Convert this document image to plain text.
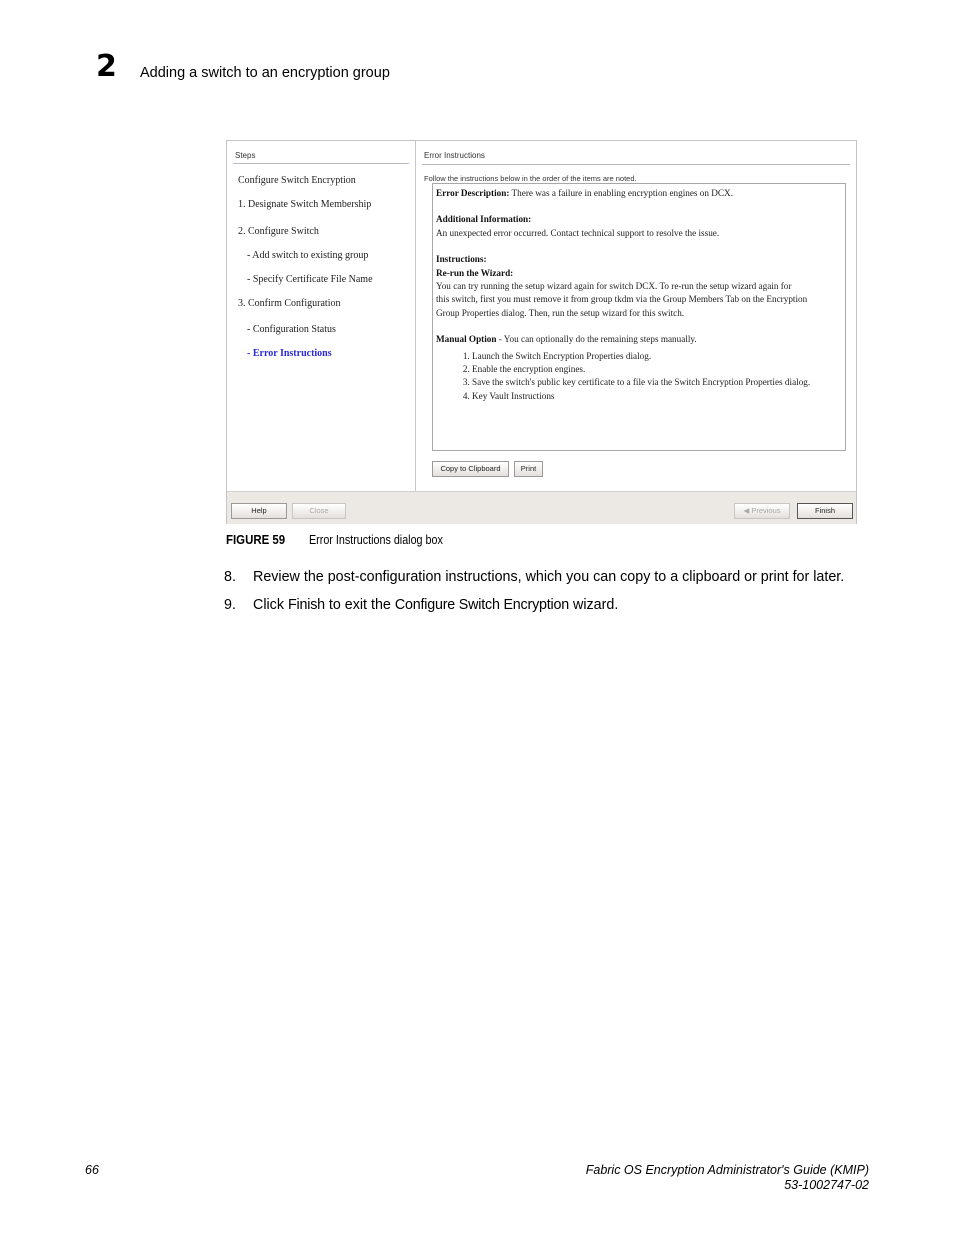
2 Adding a switch to an encryption group
Steps
Configure Switch Encryption
1. Designate Switch Membership
2. Configure Switch
- Add switch to existing group
- Specify Certificate File Name
3. Confirm Configuration
- Configuration Status
- Error Instructions
Error Instructions
Follow the instructions below in the order of the items are noted.

Error Description: There was a failure in enabling encryption engines on DCX.

Additional Information:

An unexpected error occurred. Contact technical support to resolve the issue.

Instructions:

Re-run the Wizard:

You can try running the setup wizard again for switch DCX. To re-run the setup wizard again for

this switch, first you must remove it from group tkdm via the Group Members Tab on the Encryption

Group Properties dialog. Then, run the setup wizard for this switch.

Manual Option - You can optionally do the remaining steps manually.

1. Launch the Switch Encryption Properties dialog.
2. Enable the encryption engines.
3. Save the switch's public key certificate to a file via the Switch Encryption Properties dialog.
4. Key Vault Instructions
Copy to Clipboard	Print
Help	Close	◀ Previous	Finish
FIGURE 59 Error Instructions dialog box
8. Review the post-configuration instructions, which you can copy to a clipboard or print for later.
9. Click Finish to exit the Configure Switch Encryption wizard.
66	Fabric OS Encryption Administrator's Guide (KMIP)
53-1002747-02
